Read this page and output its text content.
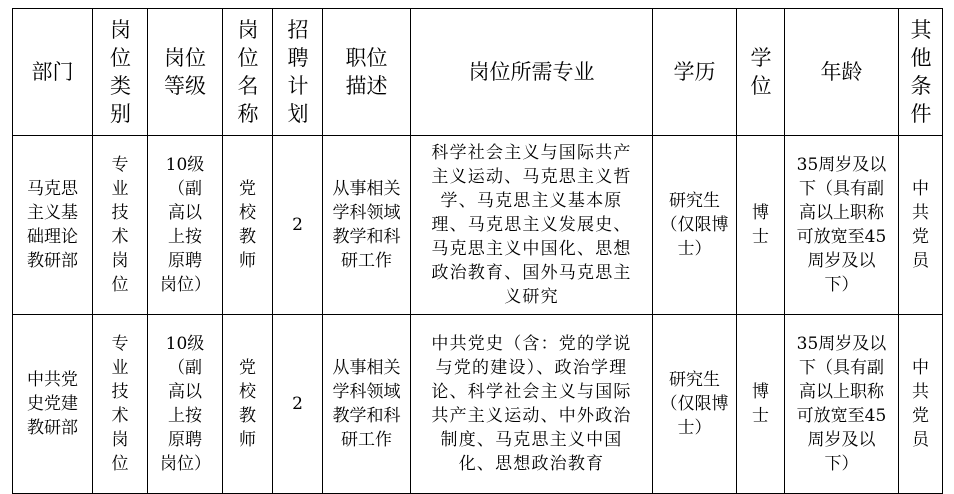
部门	岗位类别	岗位等级	岗位名称	招聘计划	职位描述	岗位所需专业	学历	学位	年龄	其他条件

马克思主义基础理论教研部	专业技术岗位	10级（副高以上按原聘岗位）	党校教师	2	从事相关学科领域教学和科研工作	科学社会主义与国际共产主义运动、马克思主义哲学、马克思主义基本原理、马克思主义发展史、马克思主义中国化、思想政治教育、国外马克思主义研究	研究生（仅限博士）	博士	35周岁及以下（具有副高以上职称可放宽至45周岁及以下）	中共党员

中共党史党建教研部	专业技术岗位	10级（副高以上按原聘岗位）	党校教师	2	从事相关学科领域教学和科研工作	中共党史（含：党的学说与党的建设）、政治学理论、科学社会主义与国际共产主义运动、中外政治制度、马克思主义中国化、思想政治教育	研究生（仅限博士）	博士	35周岁及以下（具有副高以上职称可放宽至45周岁及以下）	中共党员
